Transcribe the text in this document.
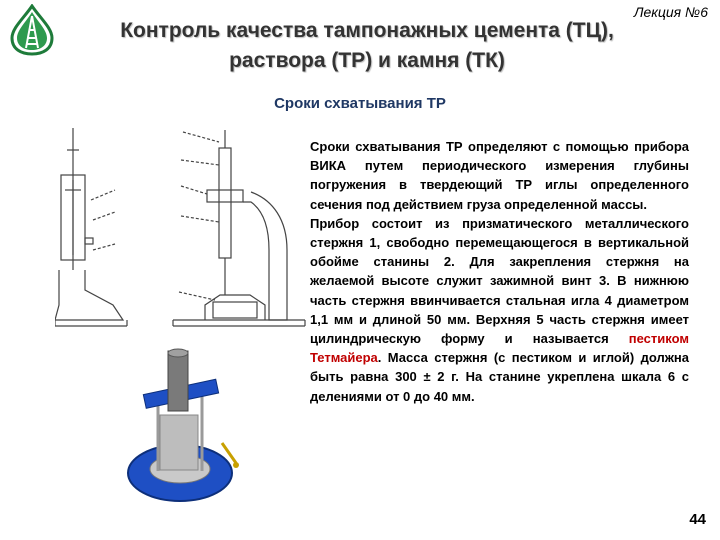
Лекция №6
Контроль качества тампонажных цемента (ТЦ),
раствора (ТР) и камня (ТК)
Сроки схватывания ТР

Сроки схватывания ТР определяют с помощью прибора ВИКА путем периодического измерения глубины погружения в твердеющий ТР иглы определенного сечения под действием груза определенной массы.

Прибор состоит из призматического металлического стержня 1, свободно перемещающегося в вертикальной обойме станины 2. Для закрепления стержня на желаемой высоте служит зажимной винт 3. В нижнюю часть стержня ввинчивается стальная игла 4 диаметром 1,1 мм и длиной 50 мм. Верхняя 5 часть стержня имеет цилиндрическую форму и называется пестиком Тетмайера. Масса стержня (с пестиком и иглой) должна быть равна 300 ± 2 г. На станине укреплена шкала 6 с делениями от 0 до 40 мм.

44
